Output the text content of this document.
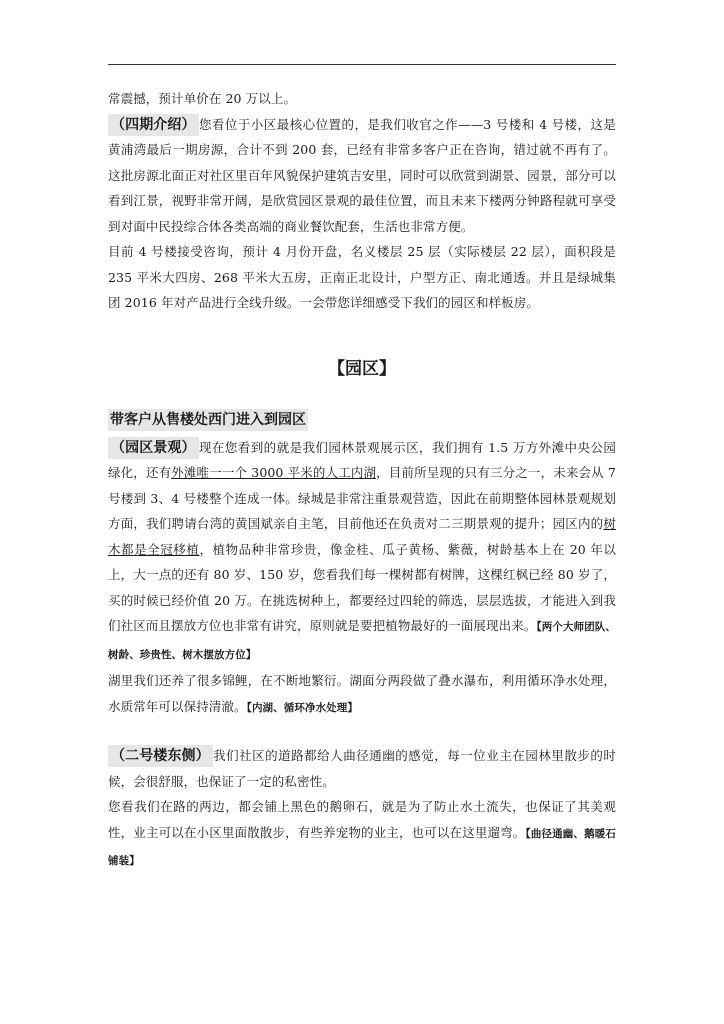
常震撼，预计单价在 20 万以上。

（四期介绍） 您看位于小区最核心位置的，是我们收官之作——3 号楼和 4 号楼，这是黄浦湾最后一期房源，合计不到 200 套，已经有非常多客户正在咨询，错过就不再有了。这批房源北面正对社区里百年风貌保护建筑吉安里，同时可以欣赏到湖景、园景，部分可以看到江景，视野非常开阔，是欣赏园区景观的最佳位置，而且未来下楼两分钟路程就可享受到对面中民投综合体各类高端的商业餐饮配套，生活也非常方便。

目前 4 号楼接受咨询，预计 4 月份开盘，名义楼层 25 层（实际楼层 22 层），面积段是 235 平米大四房、268 平米大五房，正南正北设计，户型方正、南北通透。并且是绿城集团 2016 年对产品进行全线升级。一会带您详细感受下我们的园区和样板房。

【园区】
带客户从售楼处西门进入到园区

（园区景观） 现在您看到的就是我们园林景观展示区，我们拥有 1.5 万方外滩中央公园绿化，还有外滩唯一一个 3000 平米的人工内湖，目前所呈现的只有三分之一，未来会从 7 号楼到 3、4 号楼整个连成一体。绿城是非常注重景观营造，因此在前期整体园林景观规划方面，我们聘请台湾的黄国斌亲自主笔，目前他还在负责对二三期景观的提升；园区内的树木都是全冠移植，植物品种非常珍贵，像金桂、瓜子黄杨、紫薇，树龄基本上在 20 年以上，大一点的还有 80 岁、150 岁，您看我们每一棵树都有树牌，这棵红枫已经 80 岁了，买的时候已经价值 20 万。在挑选树种上，都要经过四轮的筛选，层层选拔，才能进入到我们社区而且摆放方位也非常有讲究，原则就是要把植物最好的一面展现出来。【两个大师团队、树龄、珍贵性、树木摆放方位】

湖里我们还养了很多锦鲤，在不断地繁衍。湖面分两段做了叠水瀑布，利用循环净水处理，水质常年可以保持清澈。【内湖、循环净水处理】

（二号楼东侧） 我们社区的道路都给人曲径通幽的感觉，每一位业主在园林里散步的时候，会很舒服，也保证了一定的私密性。

您看我们在路的两边，都会铺上黑色的鹅卵石，就是为了防止水土流失，也保证了其美观性，业主可以在小区里面散散步，有些养宠物的业主，也可以在这里遛弯。【曲径通幽、鹅暖石铺装】
